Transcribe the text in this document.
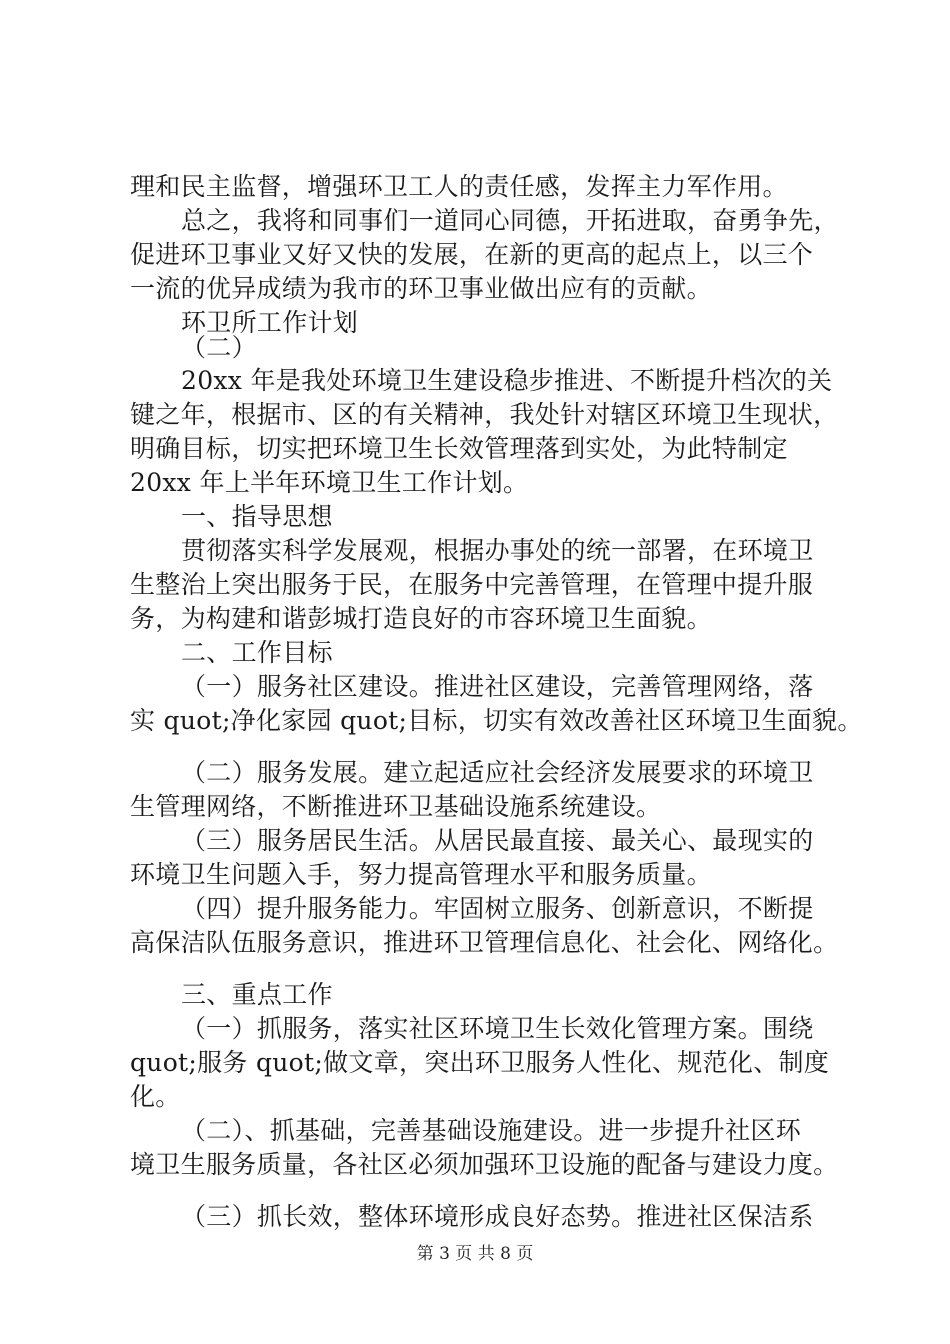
理和民主监督，增强环卫工人的责任感，发挥主力军作用。
总之，我将和同事们一道同心同德，开拓进取，奋勇争先，
促进环卫事业又好又快的发展，在新的更高的起点上，以三个
一流的优异成绩为我市的环卫事业做出应有的贡献。
环卫所工作计划
（二）
20xx 年是我处环境卫生建设稳步推进、不断提升档次的关
键之年，根据市、区的有关精神，我处针对辖区环境卫生现状，
明确目标，切实把环境卫生长效管理落到实处，为此特制定
20xx 年上半年环境卫生工作计划。
一、指导思想
贯彻落实科学发展观，根据办事处的统一部署，在环境卫
生整治上突出服务于民，在服务中完善管理，在管理中提升服
务，为构建和谐彭城打造良好的市容环境卫生面貌。
二、工作目标
（一）服务社区建设。推进社区建设，完善管理网络，落
实 quot;净化家园 quot;目标，切实有效改善社区环境卫生面貌。
（二）服务发展。建立起适应社会经济发展要求的环境卫
生管理网络，不断推进环卫基础设施系统建设。
（三）服务居民生活。从居民最直接、最关心、最现实的
环境卫生问题入手，努力提高管理水平和服务质量。
（四）提升服务能力。牢固树立服务、创新意识，不断提
高保洁队伍服务意识，推进环卫管理信息化、社会化、网络化。
三、重点工作
（一）抓服务，落实社区环境卫生长效化管理方案。围绕
quot;服务 quot;做文章，突出环卫服务人性化、规范化、制度
化。
（二）、抓基础，完善基础设施建设。进一步提升社区环
境卫生服务质量，各社区必须加强环卫设施的配备与建设力度。
（三）抓长效，整体环境形成良好态势。推进社区保洁系
第 3 页 共 8 页
